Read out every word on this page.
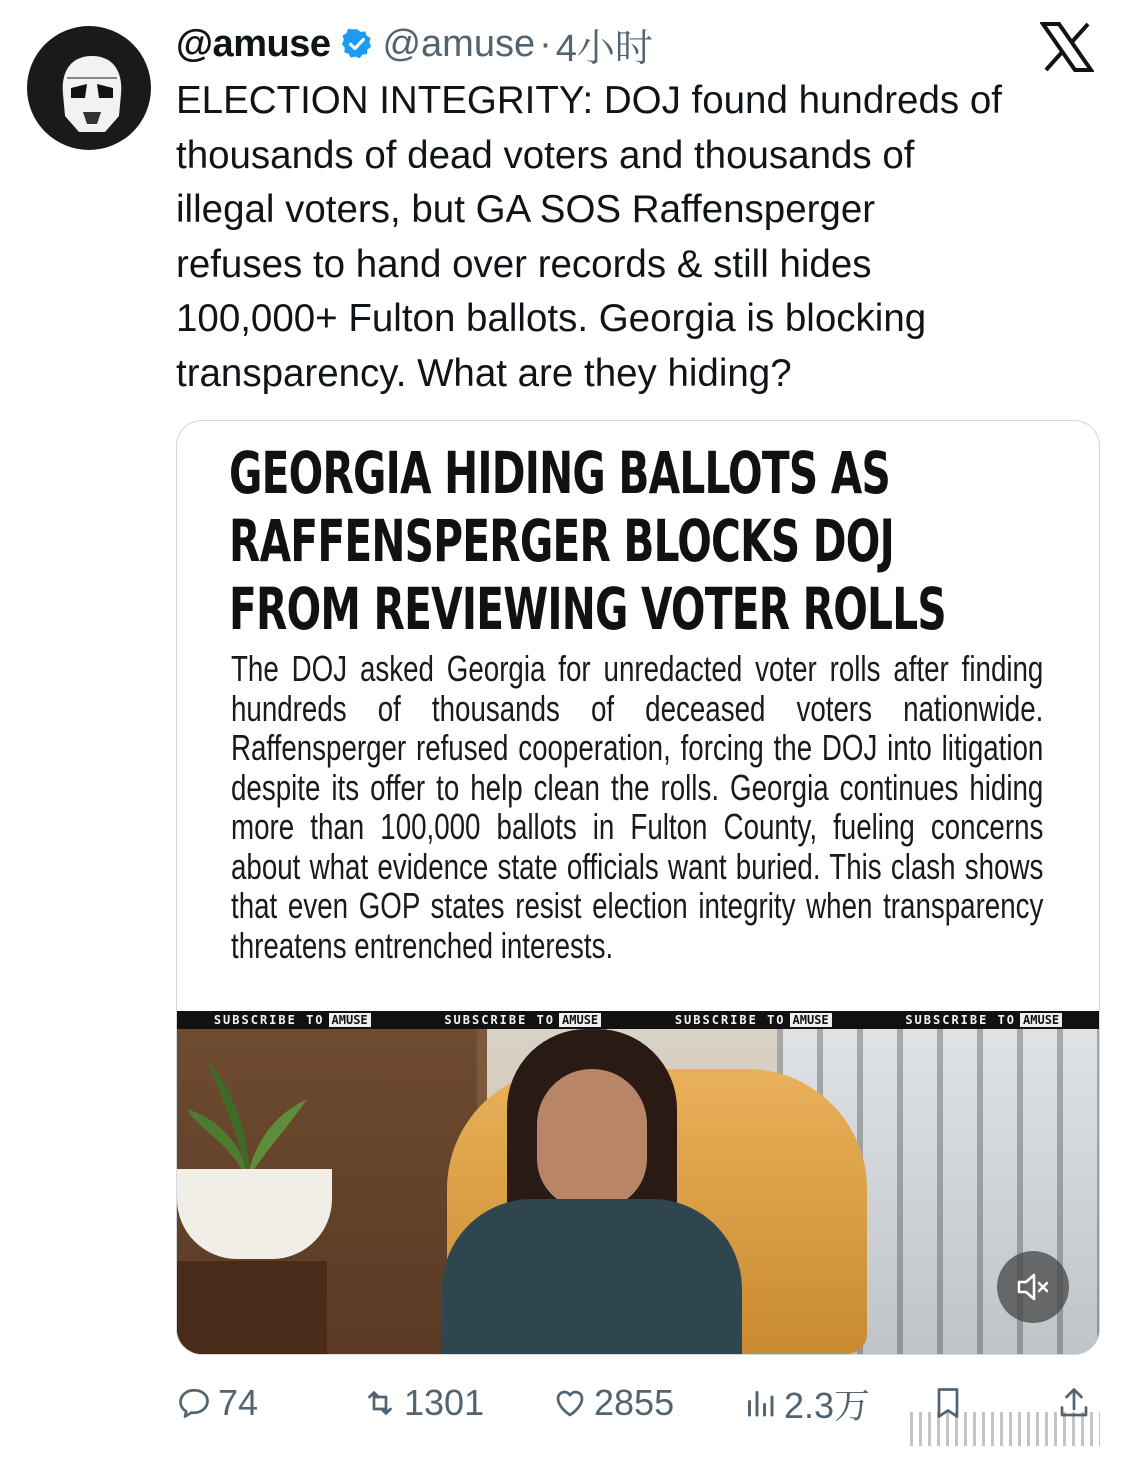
@amuse @amuse · 4小时
ELECTION INTEGRITY: DOJ found hundreds of
thousands of dead voters and thousands of
illegal voters, but GA SOS Raffensperger
refuses to hand over records & still hides
100,000+ Fulton ballots. Georgia is blocking
transparency. What are they hiding?
GEORGIA HIDING BALLOTS AS
RAFFENSPERGER BLOCKS DOJ
FROM REVIEWING VOTER ROLLS
The DOJ asked Georgia for unredacted voter rolls after finding hundreds of thousands of deceased voters nationwide. Raffensperger refused cooperation, forcing the DOJ into litigation despite its offer to help clean the rolls. Georgia continues hiding more than 100,000 ballots in Fulton County, fueling concerns about what evidence state officials want buried. This clash shows that even GOP states resist election integrity when transparency threatens entrenched interests.
SUBSCRIBE TO AMUSE	SUBSCRIBE TO AMUSE	SUBSCRIBE TO AMUSE	SUBSCRIBE TO AMUSE
74	1301	2855	2.3万
